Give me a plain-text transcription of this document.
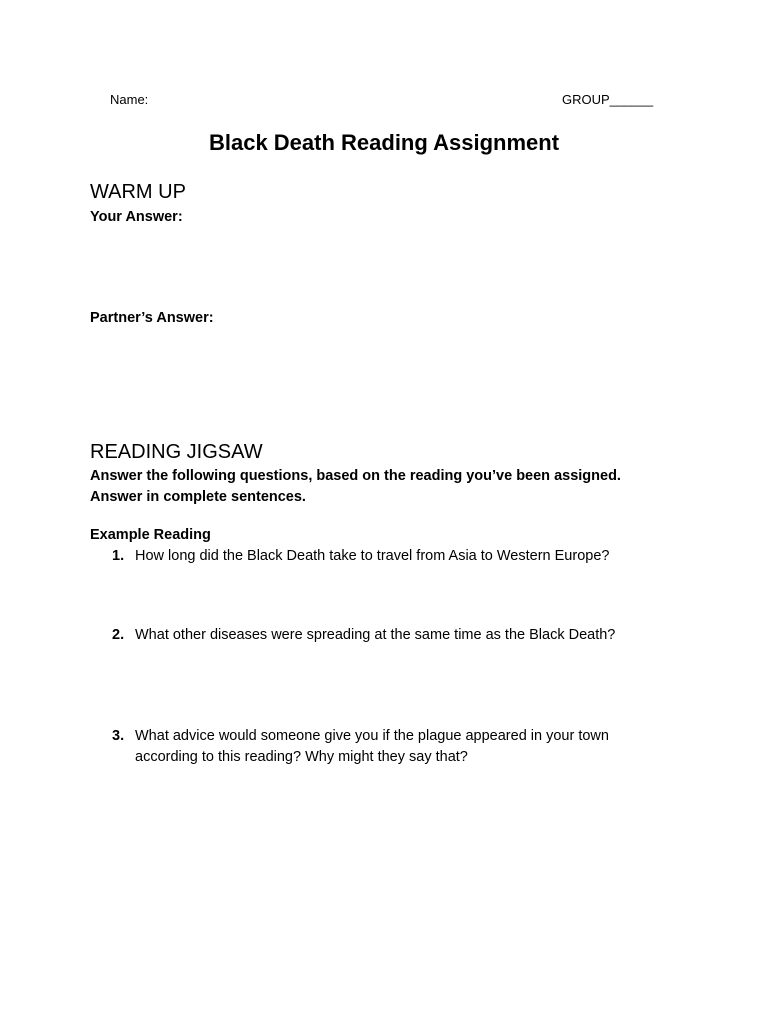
Name:	GROUP______
Black Death Reading Assignment
WARM UP
Your Answer:
Partner’s Answer:
READING JIGSAW
Answer the following questions, based on the reading you’ve been assigned.
Answer in complete sentences.
Example Reading
1. How long did the Black Death take to travel from Asia to Western Europe?
2. What other diseases were spreading at the same time as the Black Death?
3. What advice would someone give you if the plague appeared in your town according to this reading? Why might they say that?
